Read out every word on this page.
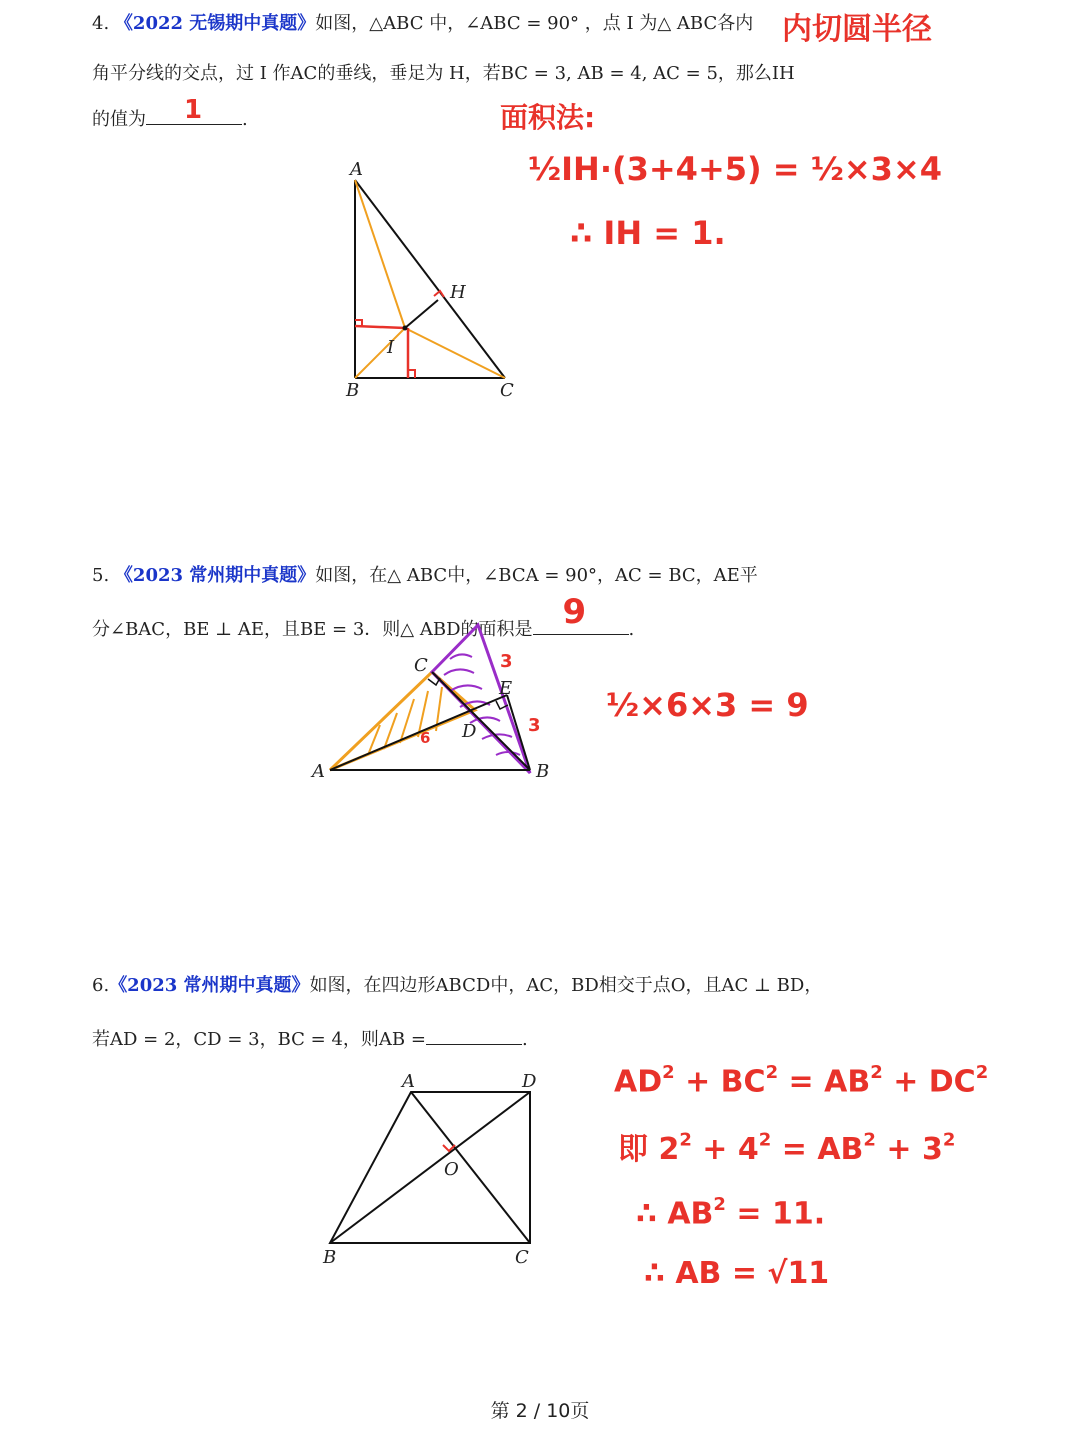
4. 《2022 无锡期中真题》如图，△ABC 中，∠ABC = 90° ，点 I 为△ ABC各内
角平分线的交点，过 I 作AC的垂线，垂足为 H，若BC = 3, AB = 4, AC = 5，那么IH
的值为 1 .
内切圆半径
面积法:
½IH·(3+4+5) = ½×3×4
∴ IH = 1.
A
B	C
H
I
5. 《2023 常州期中真题》如图，在△ ABC中，∠BCA = 90°，AC = BC，AE平
分∠BAC，BE ⊥ AE，且BE = 3．则△ ABD的面积是 9 .
A	B
C
D
E
3
3
6
½×6×3 = 9
6.《2023 常州期中真题》如图，在四边形ABCD中，AC，BD相交于点O，且AC ⊥ BD，
若AD = 2，CD = 3，BC = 4，则AB =	.
A	D
B	C
O
$AD^2 + BC^2 = AB^2 + DC^2$
即 $2^2 + 4^2 = AB^2 + 3^2$
∴ $AB^2 = 11$.
∴ AB = √11
第 2 / 10页
